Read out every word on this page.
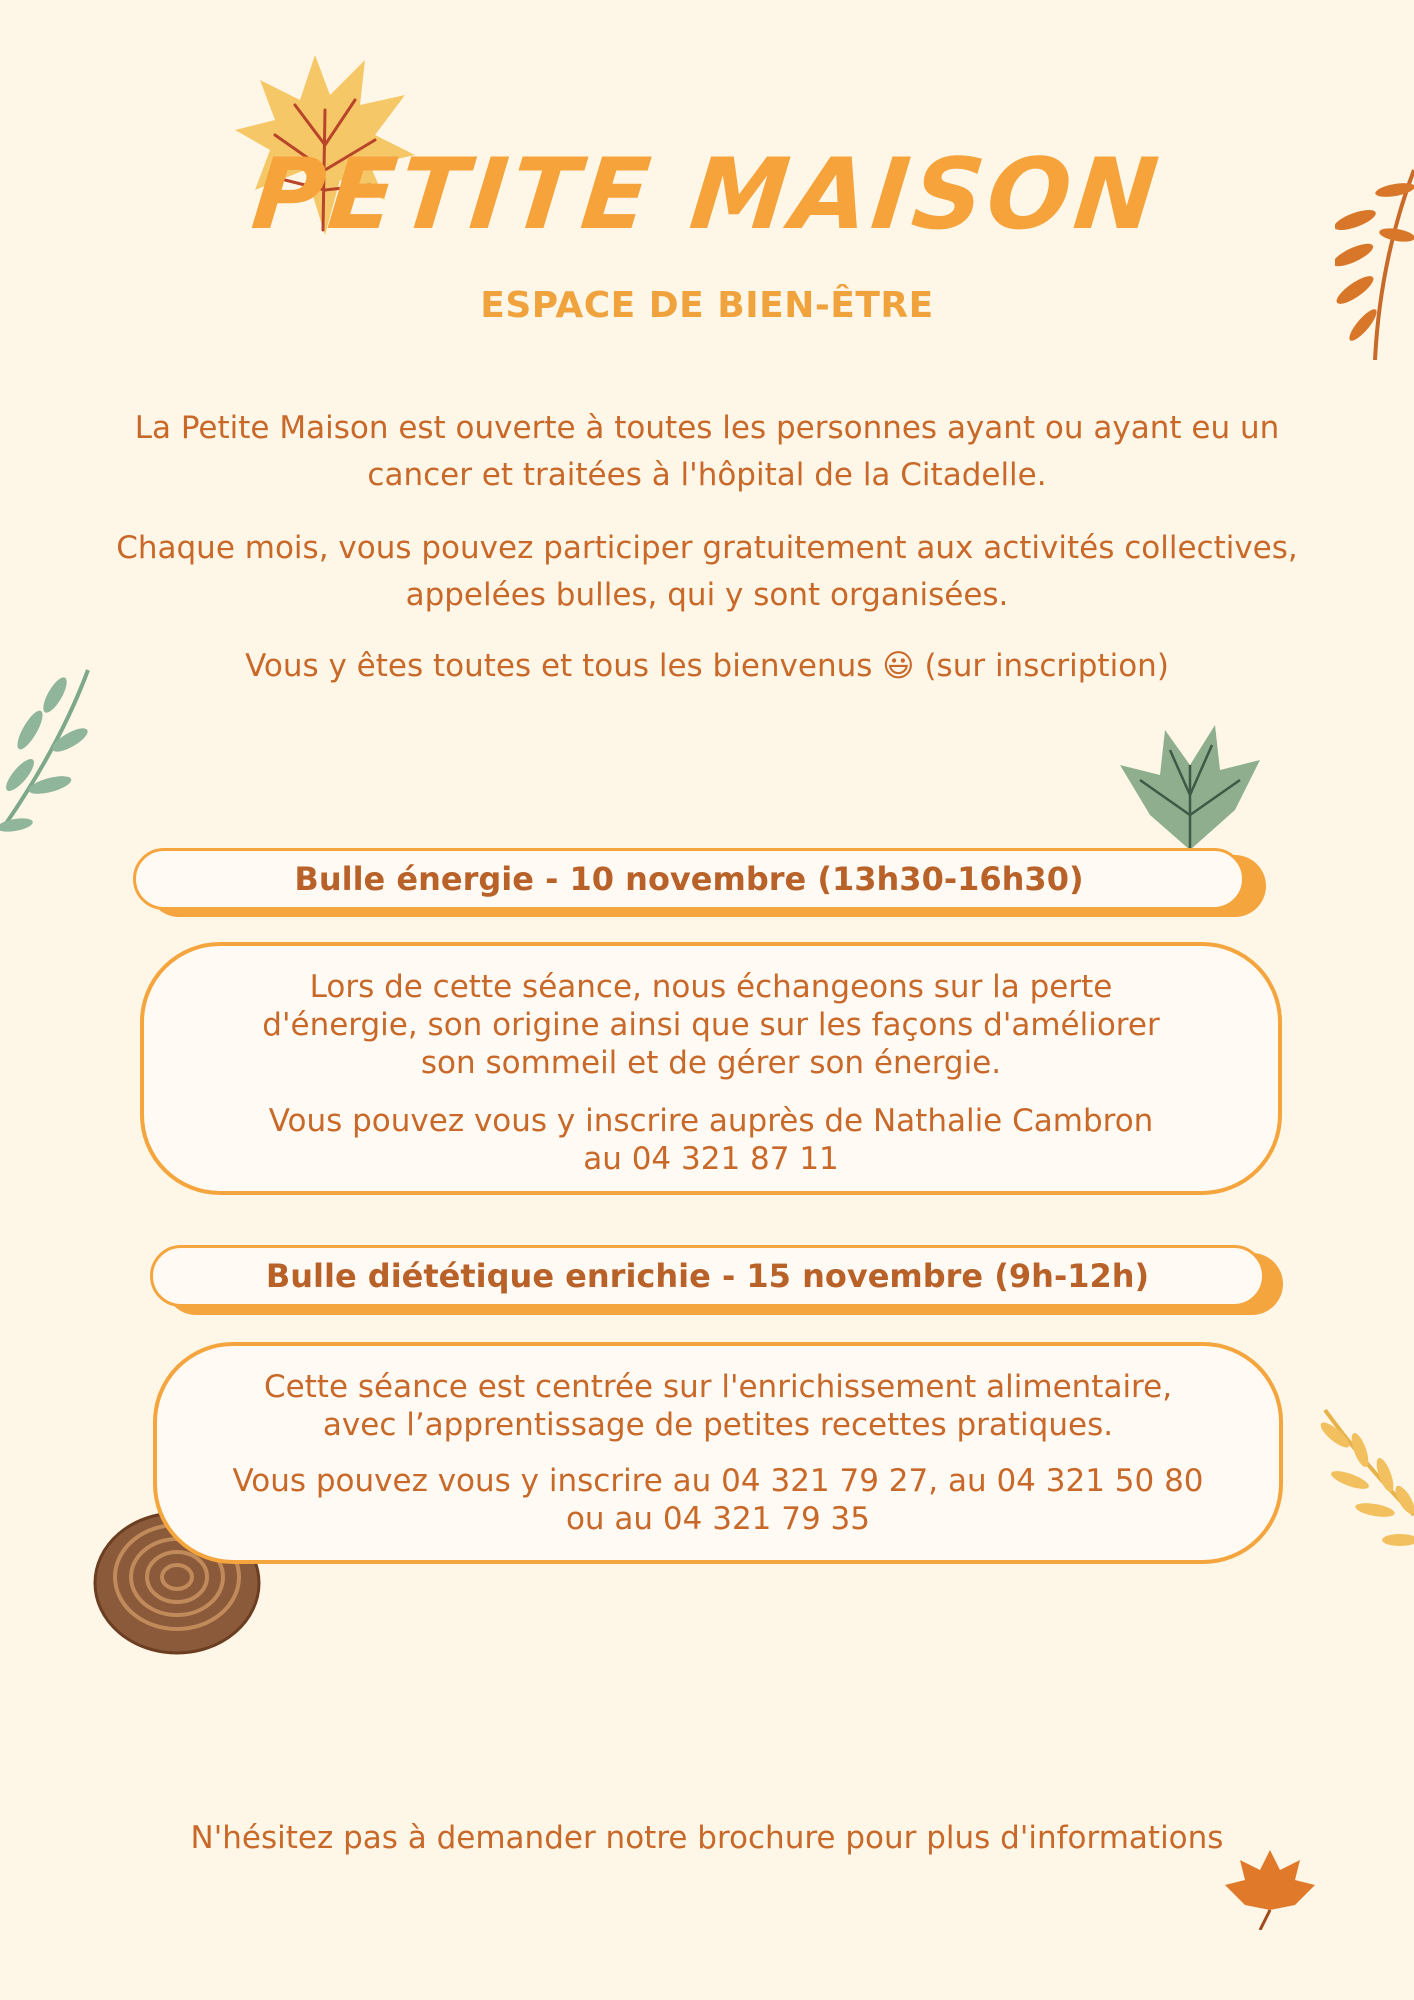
PETITE MAISON
ESPACE DE BIEN-ÊTRE
La Petite Maison est ouverte à toutes les personnes ayant ou ayant eu un
cancer et traitées à l'hôpital de la Citadelle.
Chaque mois, vous pouvez participer gratuitement aux activités collectives,
appelées bulles, qui y sont organisées.
Vous y êtes toutes et tous les bienvenus 😃 (sur inscription)
Bulle énergie - 10 novembre (13h30-16h30)

Lors de cette séance, nous échangeons sur la perte

d'énergie, son origine ainsi que sur les façons d'améliorer

son sommeil et de gérer son énergie.

Vous pouvez vous y inscrire auprès de Nathalie Cambron

au 04 321 87 11

Bulle diététique enrichie - 15 novembre (9h-12h)

Cette séance est centrée sur l'enrichissement alimentaire,

avec l’apprentissage de petites recettes pratiques.

Vous pouvez vous y inscrire au 04 321 79 27, au 04 321 50 80

ou au 04 321 79 35

N'hésitez pas à demander notre brochure pour plus d'informations
